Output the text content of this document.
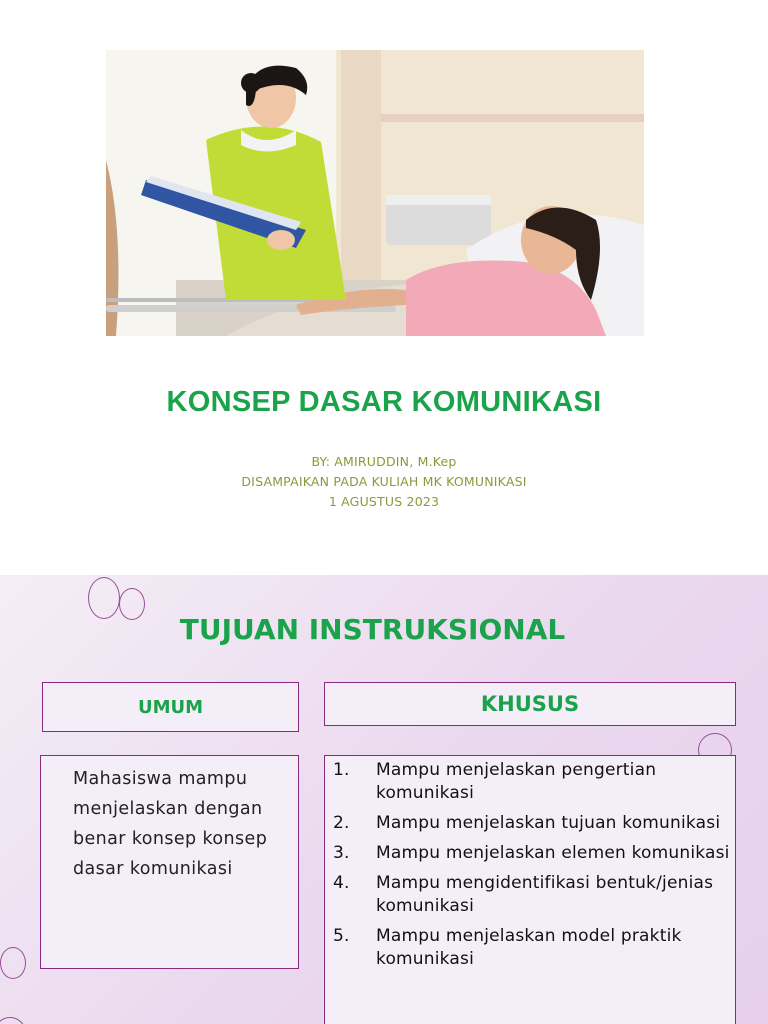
KONSEP DASAR KOMUNIKASI
BY: AMIRUDDIN, M.Kep
DISAMPAIKAN PADA KULIAH MK KOMUNIKASI
1 AGUSTUS 2023
TUJUAN INSTRUKSIONAL
UMUM	KHUSUS
Mahasiswa mampu menjelaskan dengan benar konsep konsep dasar komunikasi
1.	Mampu menjelaskan pengertian komunikasi
2.	Mampu menjelaskan tujuan komunikasi
3.	Mampu menjelaskan elemen komunikasi
4.	Mampu mengidentifikasi bentuk/jenias komunikasi
5.	Mampu menjelaskan model praktik komunikasi
